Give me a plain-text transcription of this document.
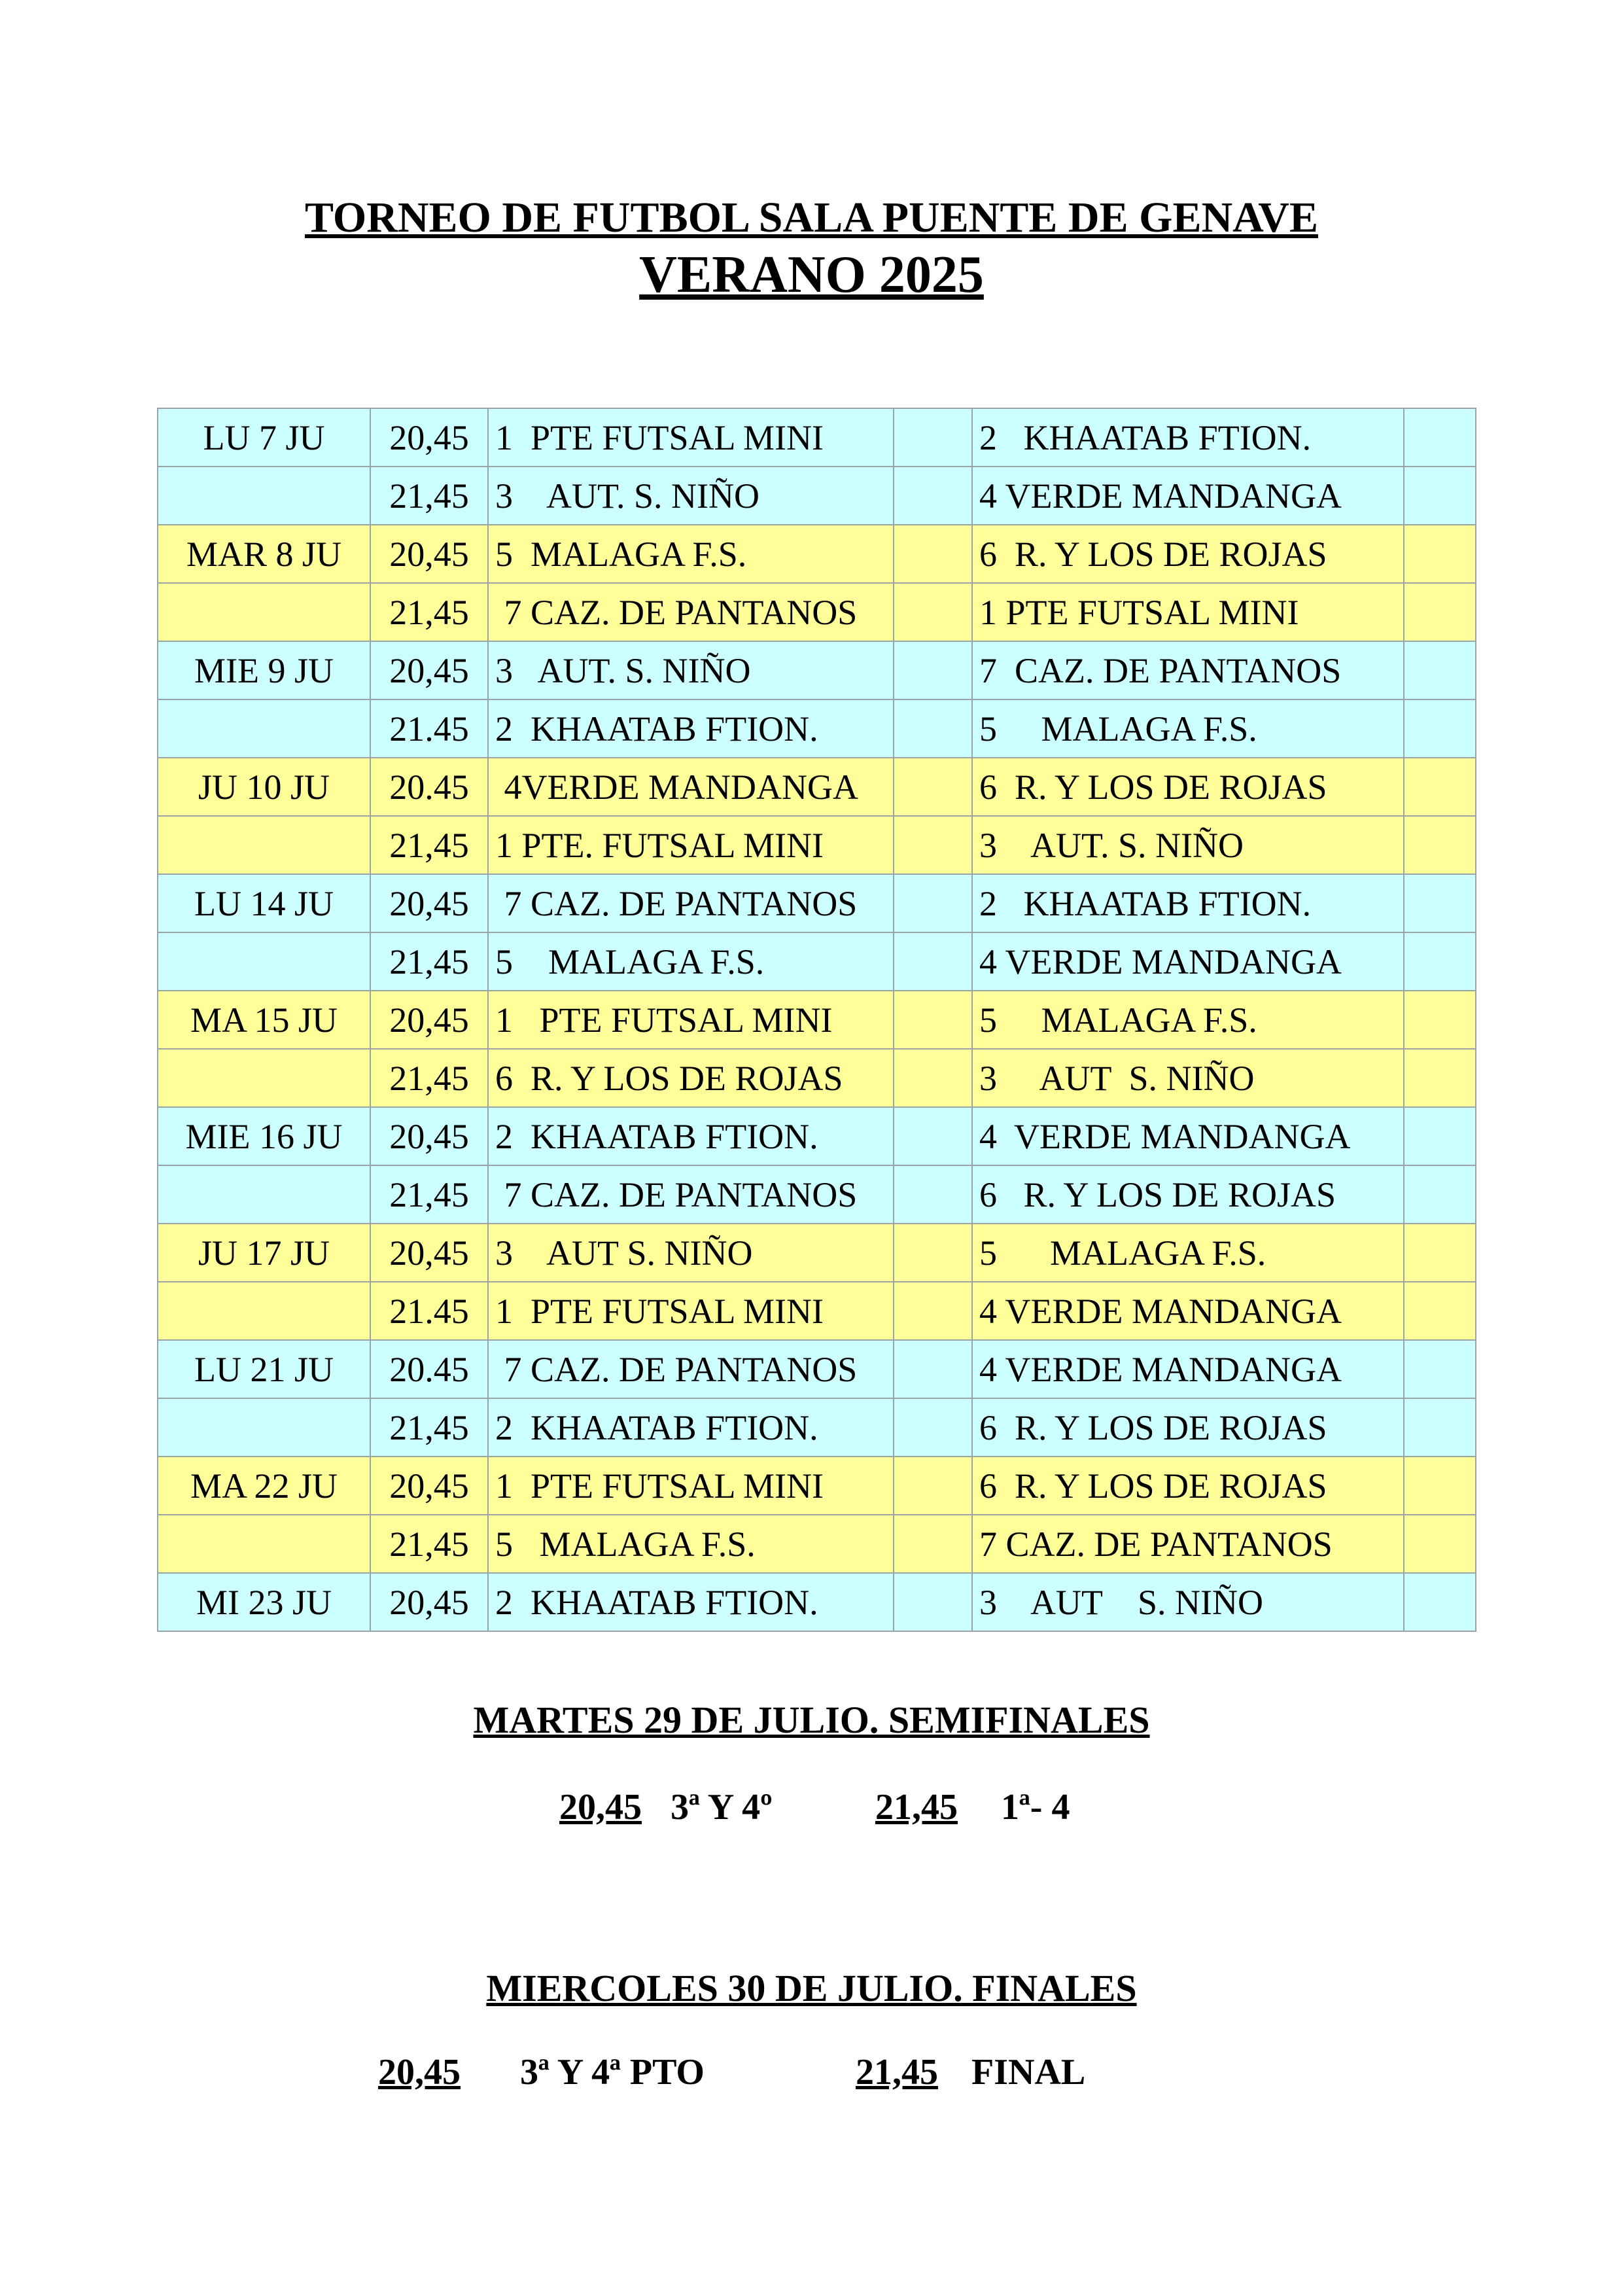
TORNEO DE FUTBOL SALA PUENTE DE GENAVE
VERANO 2025
LU 7 JU	20,45	1  PTE FUTSAL MINI		2   KHAATAB FTION.	
	21,45	3    AUT. S. NIÑO		4 VERDE MANDANGA	
MAR 8 JU	20,45	5  MALAGA F.S.		6  R. Y LOS DE ROJAS	
	21,45	7 CAZ. DE PANTANOS		1 PTE FUTSAL MINI	
MIE 9 JU	20,45	3   AUT. S. NIÑO		7  CAZ. DE PANTANOS	
	21.45	2  KHAATAB FTION.		5     MALAGA F.S.	
JU 10 JU	20.45	4VERDE MANDANGA		6  R. Y LOS DE ROJAS	
	21,45	1 PTE. FUTSAL MINI		3    AUT. S. NIÑO	
LU 14 JU	20,45	7 CAZ. DE PANTANOS		2   KHAATAB FTION.	
	21,45	5    MALAGA F.S.		4 VERDE MANDANGA	
MA 15 JU	20,45	1   PTE FUTSAL MINI		5     MALAGA F.S.	
	21,45	6  R. Y LOS DE ROJAS		3     AUT  S. NIÑO	
MIE 16 JU	20,45	2  KHAATAB FTION.		4  VERDE MANDANGA	
	21,45	7 CAZ. DE PANTANOS		6   R. Y LOS DE ROJAS	
JU 17 JU	20,45	3    AUT S. NIÑO		5      MALAGA F.S.	
	21.45	1  PTE FUTSAL MINI		4 VERDE MANDANGA	
LU 21 JU	20.45	7 CAZ. DE PANTANOS		4 VERDE MANDANGA	
	21,45	2  KHAATAB FTION.		6  R. Y LOS DE ROJAS	
MA 22 JU	20,45	1  PTE FUTSAL MINI		6  R. Y LOS DE ROJAS	
	21,45	5   MALAGA F.S.		7 CAZ. DE PANTANOS	
MI 23 JU	20,45	2  KHAATAB FTION.		3    AUT    S. NIÑO	
MARTES 29 DE JULIO. SEMIFINALES
20,45 3ª Y 4º	21,45 1ª- 4
MIERCOLES 30 DE JULIO. FINALES
20,45 3ª Y 4ª PTO	21,45 FINAL
